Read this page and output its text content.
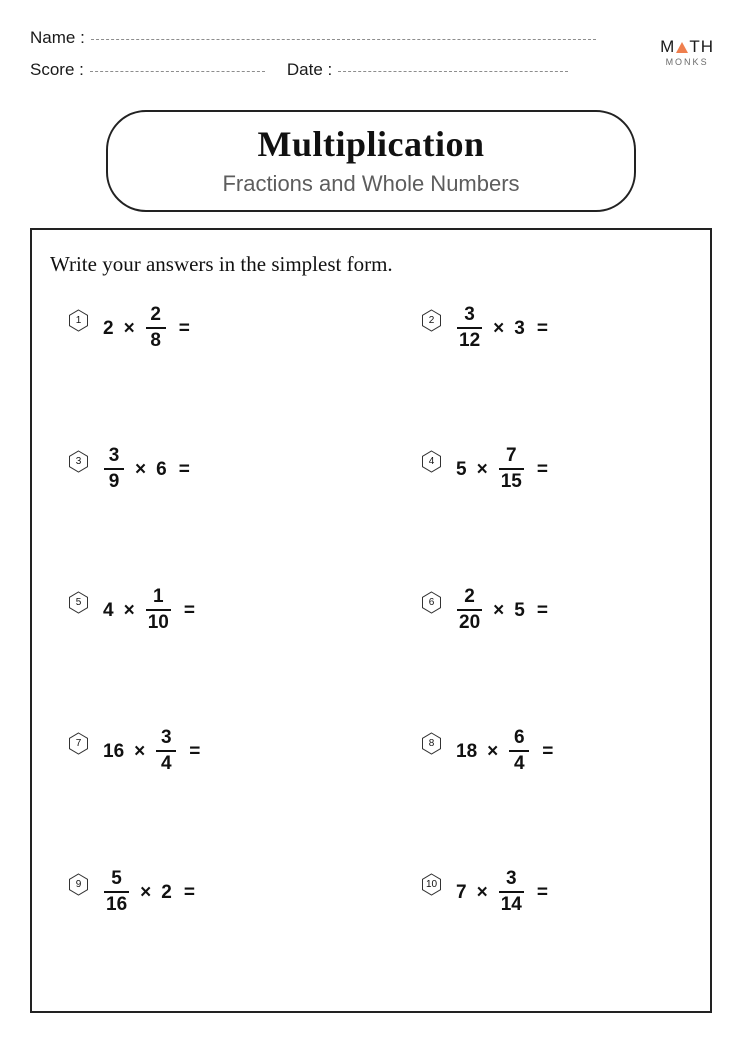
Name :
Score :	Date :
M TH
MONKS
Multiplication
Fractions and Whole Numbers
Write your answers in the simplest form.
1	$2 \times \frac{2}{8}$ =	2	$\frac{3}{12} \times 3$ =
3	$\frac{3}{9} \times 6$ =	4	$5 \times \frac{7}{15}$ =
5	$4 \times \frac{1}{10}$ =	6	$\frac{2}{20} \times 5$ =
7	$16 \times \frac{3}{4}$ =	8	$18 \times \frac{6}{4}$ =
9	$\frac{5}{16} \times 2$ =	10 $7 \times \frac{3}{14}$ =
